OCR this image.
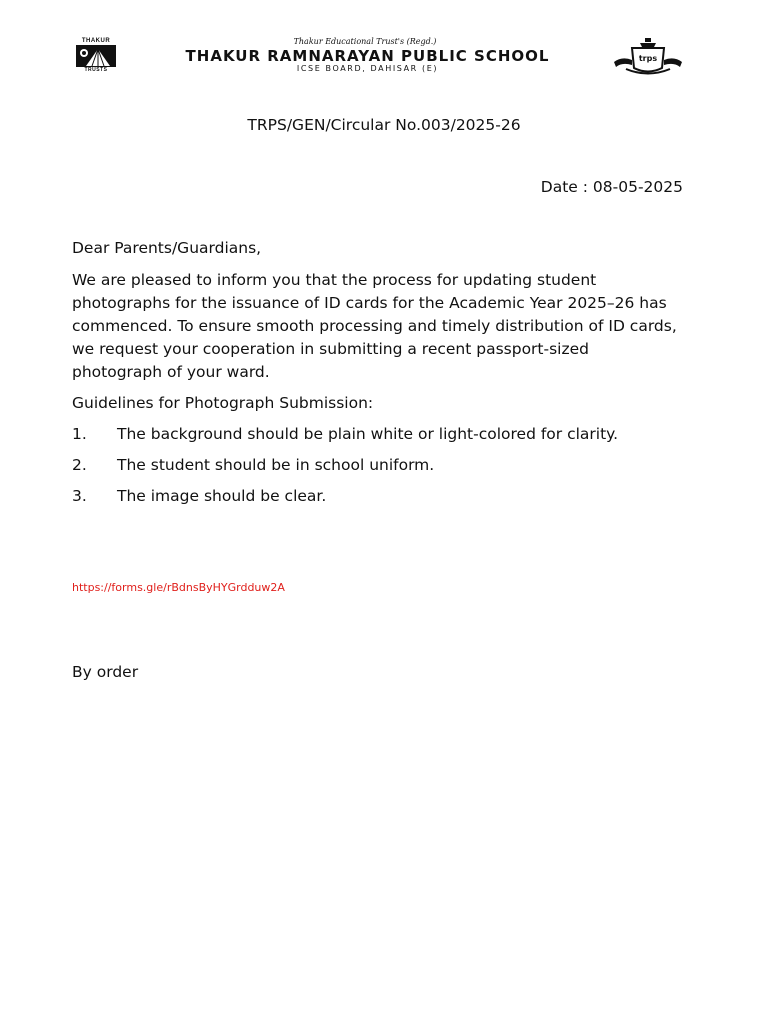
THAKUR
TRUSTS
Thakur Educational Trust's (Regd.)
THAKUR RAMNARAYAN PUBLIC SCHOOL
ICSE BOARD, DAHISAR (E)
trps
TRPS/GEN/Circular No.003/2025-26
Date : 08-05-2025
Dear Parents/Guardians,
We are pleased to inform you that the process for updating student photographs for the issuance of ID cards for the Academic Year 2025–26 has commenced. To ensure smooth processing and timely distribution of ID cards, we request your cooperation in submitting a recent passport-sized photograph of your ward.
Guidelines for Photograph Submission:
1. The background should be plain white or light-colored for clarity.
2. The student should be in school uniform.
3. The image should be clear.
https://forms.gle/rBdnsByHYGrdduw2A
By order
